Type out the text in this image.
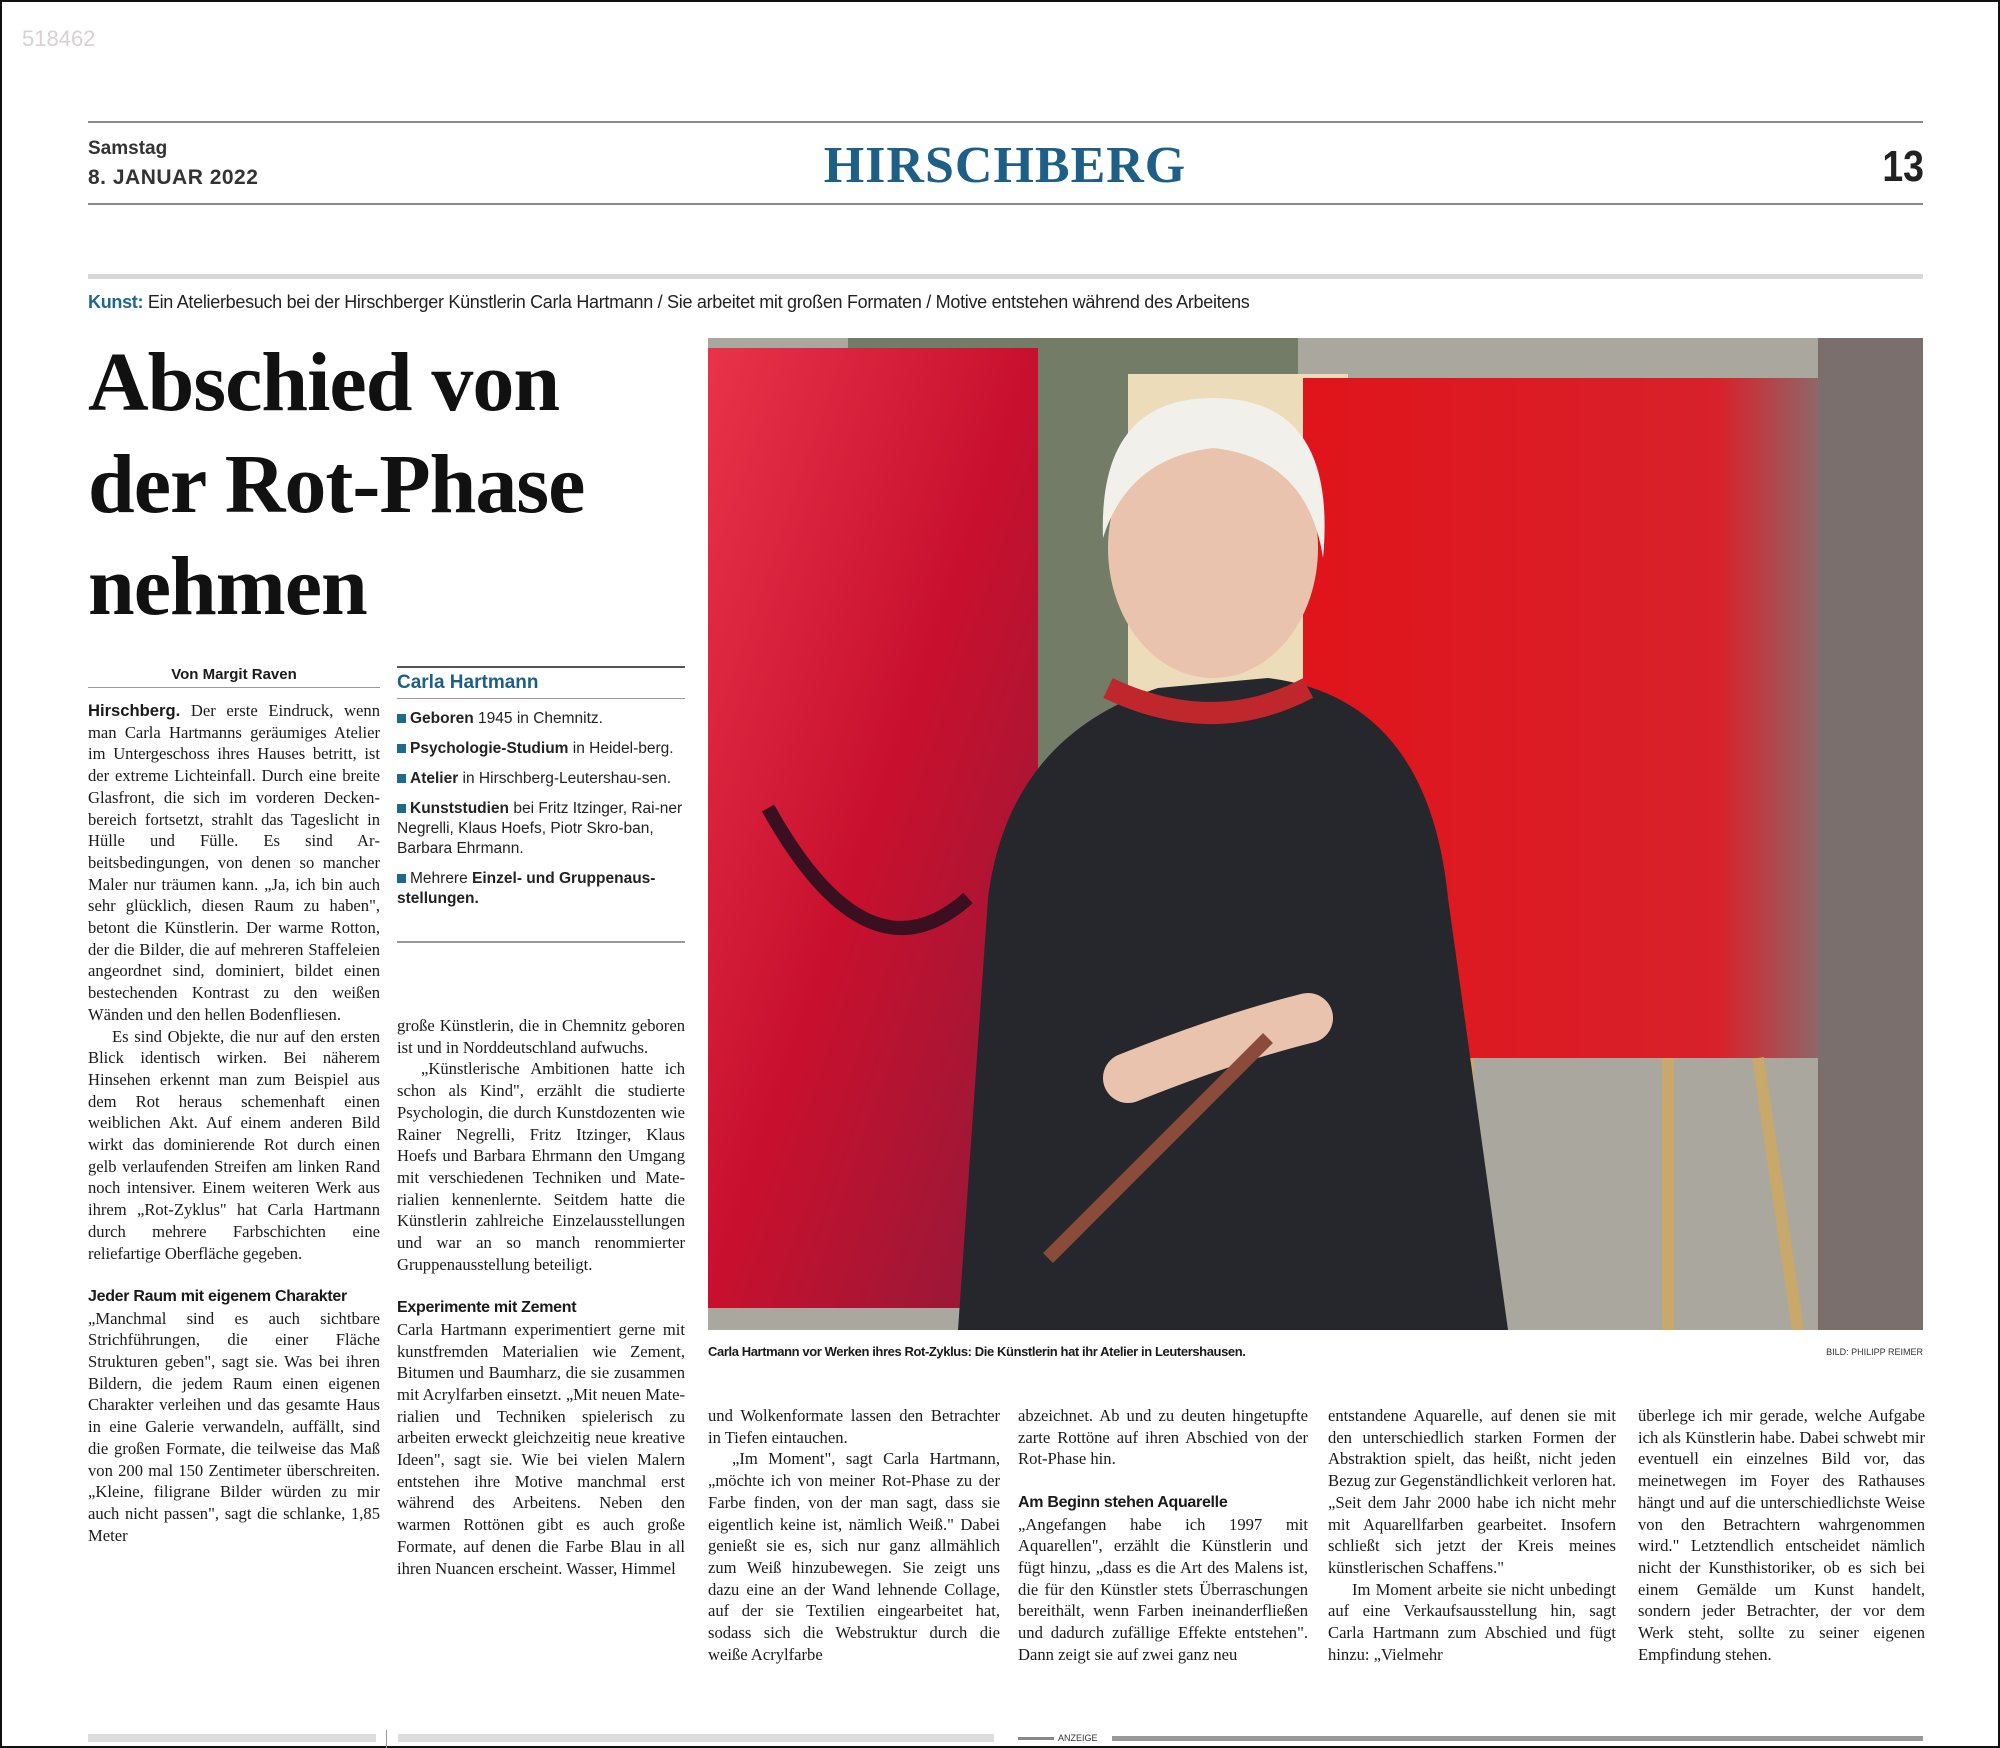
518462
Samstag
8. JANUAR 2022	HIRSCHBERG	13
Kunst: Ein Atelierbesuch bei der Hirschberger Künstlerin Carla Hartmann / Sie arbeitet mit großen Formaten / Motive entstehen während des Arbeitens
Abschied von
der Rot-Phase
nehmen
Von Margit Raven

Hirschberg. Der erste Eindruck, wenn man Carla Hartmanns geräumiges Atelier im Untergeschoss ihres Hauses betritt, ist der extreme Lichteinfall. Durch eine breite Glasfront, die sich im vorderen Deckenbereich fortsetzt, strahlt das Tageslicht in Hülle und Fülle. Es sind Arbeitsbedingungen, von denen so mancher Maler nur träumen kann. „Ja, ich bin auch sehr glücklich, diesen Raum zu haben", betont die Künstlerin. Der warme Rotton, der die Bilder, die auf mehreren Staffeleien angeordnet sind, dominiert, bildet einen bestechenden Kontrast zu den weißen Wänden und den hellen Bodenfliesen.

Es sind Objekte, die nur auf den ersten Blick identisch wirken. Bei näherem Hinsehen erkennt man zum Beispiel aus dem Rot heraus schemenhaft einen weiblichen Akt. Auf einem anderen Bild wirkt das dominierende Rot durch einen gelb verlaufenden Streifen am linken Rand noch intensiver. Einem weiteren Werk aus ihrem „Rot-Zyklus" hat Carla Hartmann durch mehrere Farbschichten eine reliefartige Oberfläche gegeben.

Jeder Raum mit eigenem Charakter

„Manchmal sind es auch sichtbare Strichführungen, die einer Fläche Strukturen geben", sagt sie. Was bei ihren Bildern, die jedem Raum einen eigenen Charakter verleihen und das gesamte Haus in eine Galerie verwandeln, auffällt, sind die großen Formate, die teilweise das Maß von 200 mal 150 Zentimeter überschreiten. „Kleine, filigrane Bilder würden zu mir auch nicht passen", sagt die schlanke, 1,85 Meter

Carla Hartmann
Geboren 1945 in Chemnitz.
Psychologie-Studium in Heidel-berg.
Atelier in Hirschberg-Leutershau-sen.
Kunststudien bei Fritz Itzinger, Rai-ner Negrelli, Klaus Hoefs, Piotr Skro-ban, Barbara Ehrmann.
Mehrere Einzel- und Gruppenaus-stellungen.

große Künstlerin, die in Chemnitz geboren ist und in Norddeutschland aufwuchs.

„Künstlerische Ambitionen hatte ich schon als Kind", erzählt die studierte Psychologin, die durch Kunstdozenten wie Rainer Negrelli, Fritz Itzinger, Klaus Hoefs und Barbara Ehrmann den Umgang mit verschiedenen Techniken und Materialien kennenlernte. Seitdem hatte die Künstlerin zahlreiche Einzelausstellungen und war an so manch renommierter Gruppenausstellung beteiligt.

Experimente mit Zement

Carla Hartmann experimentiert gerne mit kunstfremden Materialien wie Zement, Bitumen und Baumharz, die sie zusammen mit Acrylfarben einsetzt. „Mit neuen Materialien und Techniken spielerisch zu arbeiten erweckt gleichzeitig neue kreative Ideen", sagt sie. Wie bei vielen Malern entstehen ihre Motive manchmal erst während des Arbeitens. Neben den warmen Rottönen gibt es auch große Formate, auf denen die Farbe Blau in all ihren Nuancen erscheint. Wasser, Himmel

Carla Hartmann vor Werken ihres Rot-Zyklus: Die Künstlerin hat ihr Atelier in Leutershausen.	BILD: PHILIPP REIMER

und Wolkenformate lassen den Betrachter in Tiefen eintauchen.

„Im Moment", sagt Carla Hartmann, „möchte ich von meiner Rot-Phase zu der Farbe finden, von der man sagt, dass sie eigentlich keine ist, nämlich Weiß." Dabei genießt sie es, sich nur ganz allmählich zum Weiß hinzubewegen. Sie zeigt uns dazu eine an der Wand lehnende Collage, auf der sie Textilien eingearbeitet hat, sodass sich die Webstruktur durch die weiße Acrylfarbe

abzeichnet. Ab und zu deuten hingetupfte zarte Rottöne auf ihren Abschied von der Rot-Phase hin.

Am Beginn stehen Aquarelle

„Angefangen habe ich 1997 mit Aquarellen", erzählt die Künstlerin und fügt hinzu, „dass es die Art des Malens ist, die für den Künstler stets Überraschungen bereithält, wenn Farben ineinanderfließen und dadurch zufällige Effekte entstehen". Dann zeigt sie auf zwei ganz neu

entstandene Aquarelle, auf denen sie mit den unterschiedlich starken Formen der Abstraktion spielt, das heißt, nicht jeden Bezug zur Gegenständlichkeit verloren hat. „Seit dem Jahr 2000 habe ich nicht mehr mit Aquarellfarben gearbeitet. Insofern schließt sich jetzt der Kreis meines künstlerischen Schaffens."

Im Moment arbeite sie nicht unbedingt auf eine Verkaufsausstellung hin, sagt Carla Hartmann zum Abschied und fügt hinzu: „Vielmehr

überlege ich mir gerade, welche Aufgabe ich als Künstlerin habe. Dabei schwebt mir eventuell ein einzelnes Bild vor, das meinetwegen im Foyer des Rathauses hängt und auf die unterschiedlichste Weise von den Betrachtern wahrgenommen wird." Letztendlich entscheidet nämlich nicht der Kunsthistoriker, ob es sich bei einem Gemälde um Kunst handelt, sondern jeder Betrachter, der vor dem Werk steht, sollte zu seiner eigenen Empfindung stehen.

ANZEIGE
